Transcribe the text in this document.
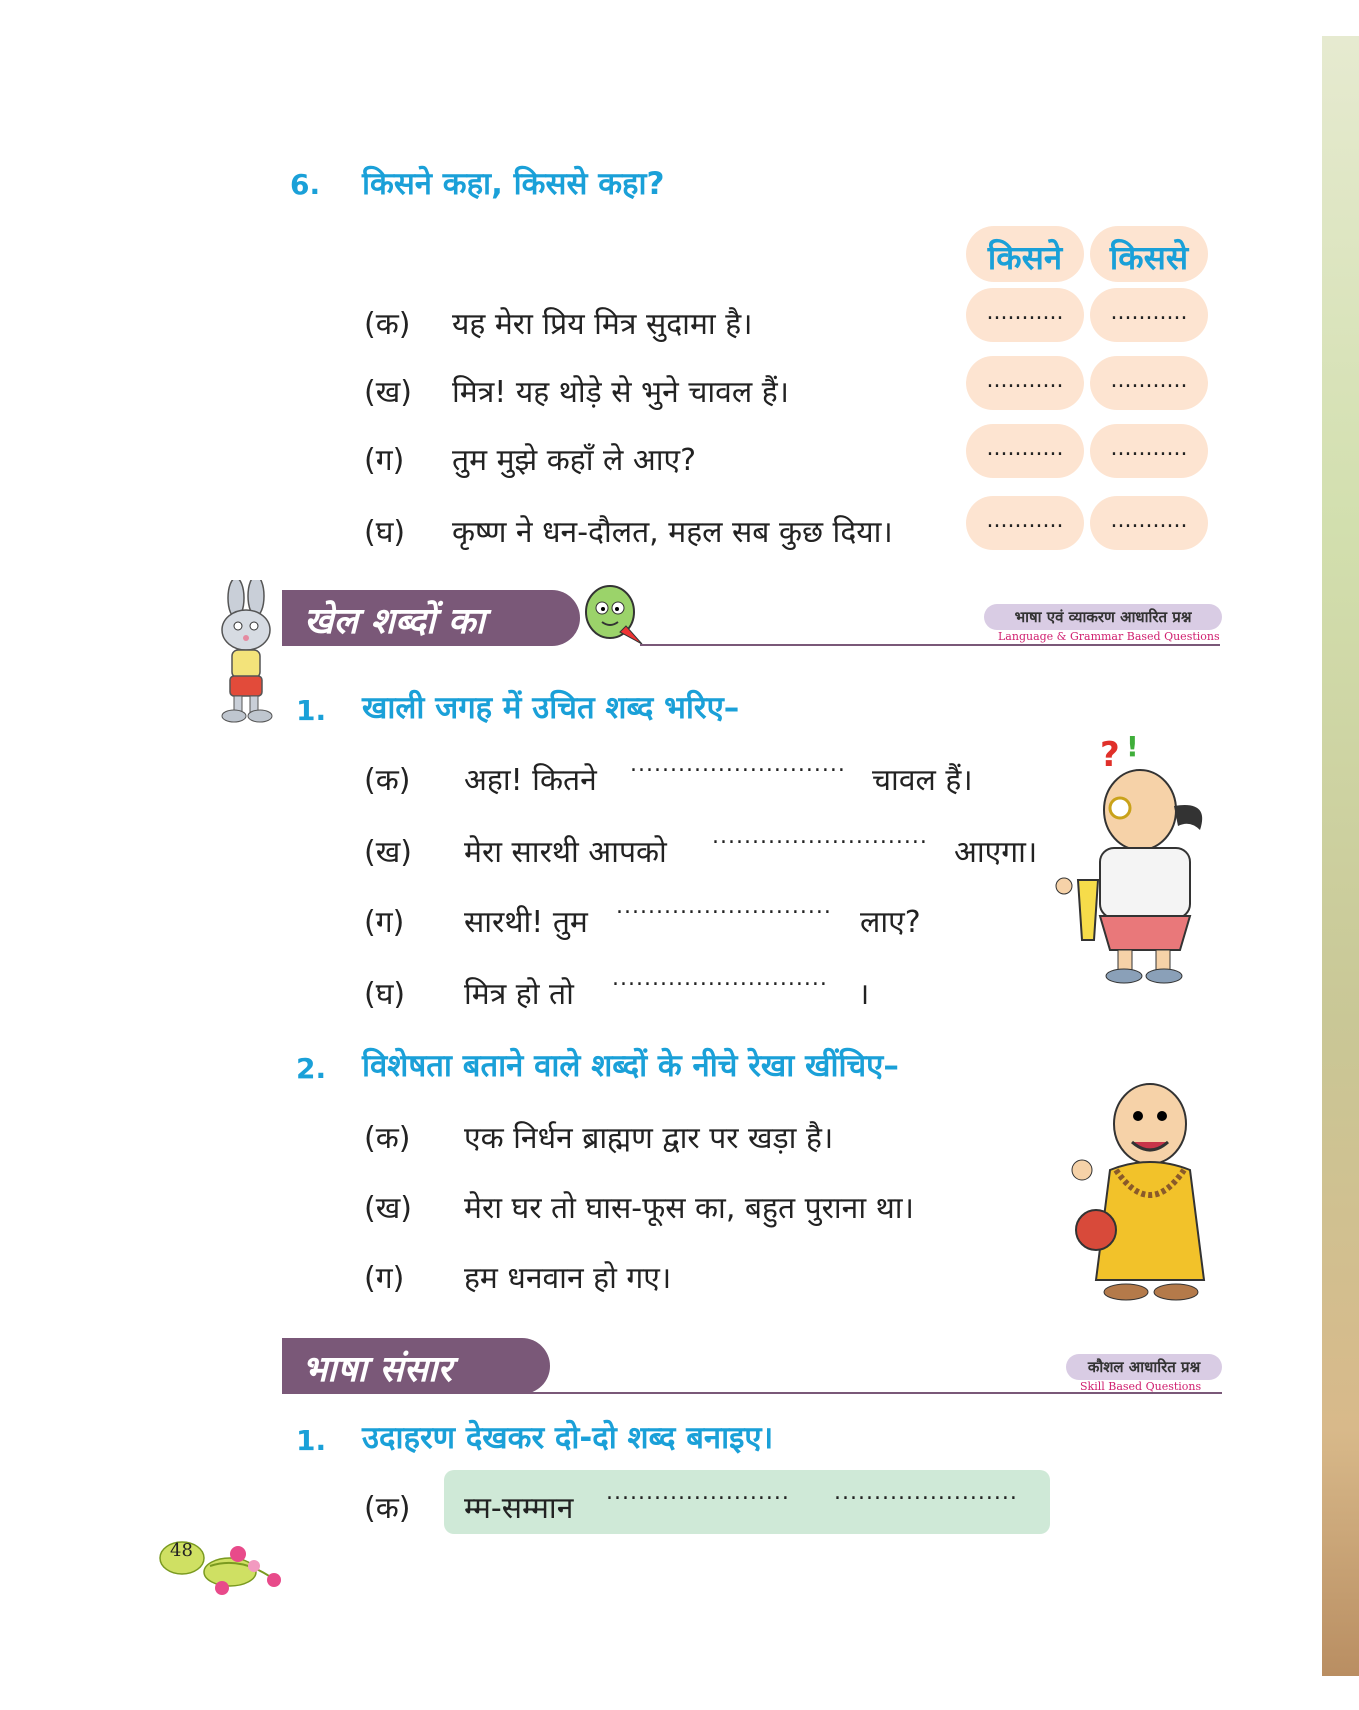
6. किसने कहा, किससे कहा?
किसने	किससे
(क) यह मेरा प्रिय मित्र सुदामा है।	...........	...........
(ख) मित्र! यह थोड़े से भुने चावल हैं।	...........	...........
(ग) तुम मुझे कहाँ ले आए?	...........	...........
(घ) कृष्ण ने धन-दौलत, महल सब कुछ दिया।	...........	...........
खेल शब्दों का	भाषा एवं व्याकरण आधारित प्रश्न
Language & Grammar Based Questions
1. खाली जगह में उचित शब्द भरिए–
(क) अहा! कितने ........................... चावल हैं।
(ख) मेरा सारथी आपको ........................... आएगा।
(ग) सारथी! तुम ........................... लाए?
(घ) मित्र हो तो ........................... ।
? !
2. विशेषता बताने वाले शब्दों के नीचे रेखा खींचिए–
(क) एक निर्धन ब्राह्मण द्वार पर खड़ा है।
(ख) मेरा घर तो घास-फूस का, बहुत पुराना था।
(ग) हम धनवान हो गए।
भाषा संसार	कौशल आधारित प्रश्न
Skill Based Questions
1. उदाहरण देखकर दो-दो शब्द बनाइए।
(क) म्म-सम्मान ....................... .......................
48
